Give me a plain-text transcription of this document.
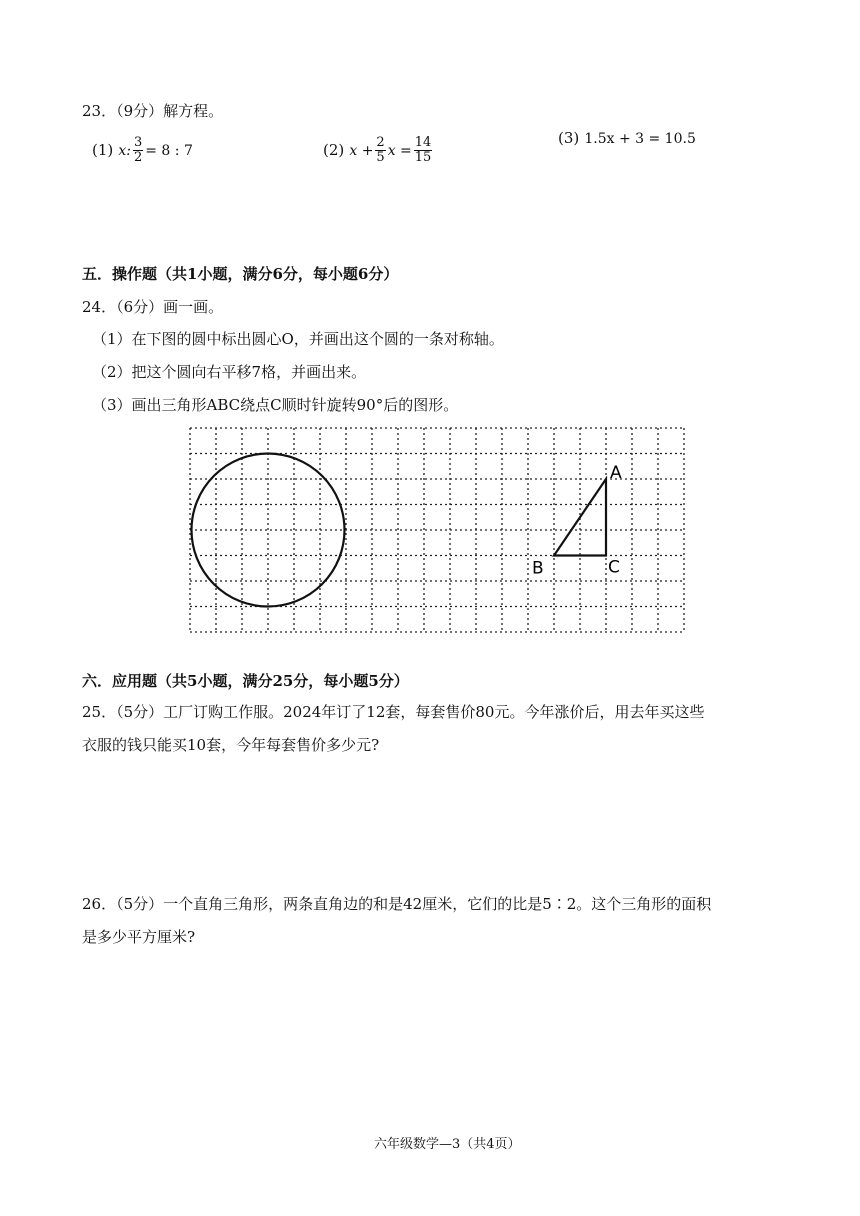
23．（9分）解方程。
(1) x: $\frac{3}{2} = 8$ : 7	(2) $x + \frac{2}{5}$ $x = \frac{14}{15}$	(3) 1.5x + 3 = 10.5
五．操作题（共1小题，满分6分，每小题6分）
24．（6分）画一画。
（1）在下图的圆中标出圆心O，并画出这个圆的一条对称轴。
（2）把这个圆向右平移7格，并画出来。
（3）画出三角形ABC绕点C顺时针旋转90°后的图形。
A
B	C
六．应用题（共5小题，满分25分，每小题5分）
25．（5分）工厂订购工作服。2024年订了12套，每套售价80元。今年涨价后，用去年买这些
衣服的钱只能买10套，今年每套售价多少元?
26．（5分）一个直角三角形，两条直角边的和是42厘米，它们的比是5∶2。这个三角形的面积
是多少平方厘米?
六年级数学—3（共4页）
